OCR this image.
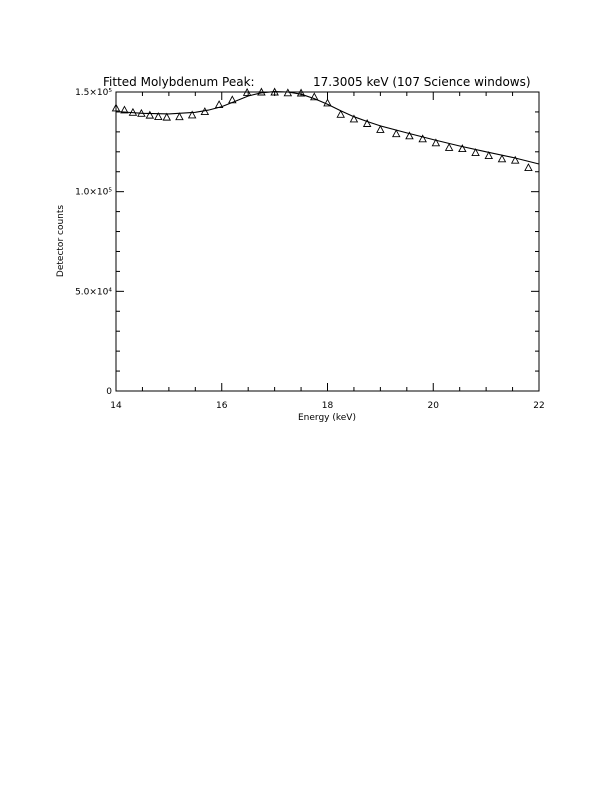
14	16	18	20	22
0
5.0×10⁴
1.0×10⁵
1.5×10⁵
Fitted Molybdenum Peak:	17.3005 keV (107 Science windows)
Energy (keV)
Detector counts
